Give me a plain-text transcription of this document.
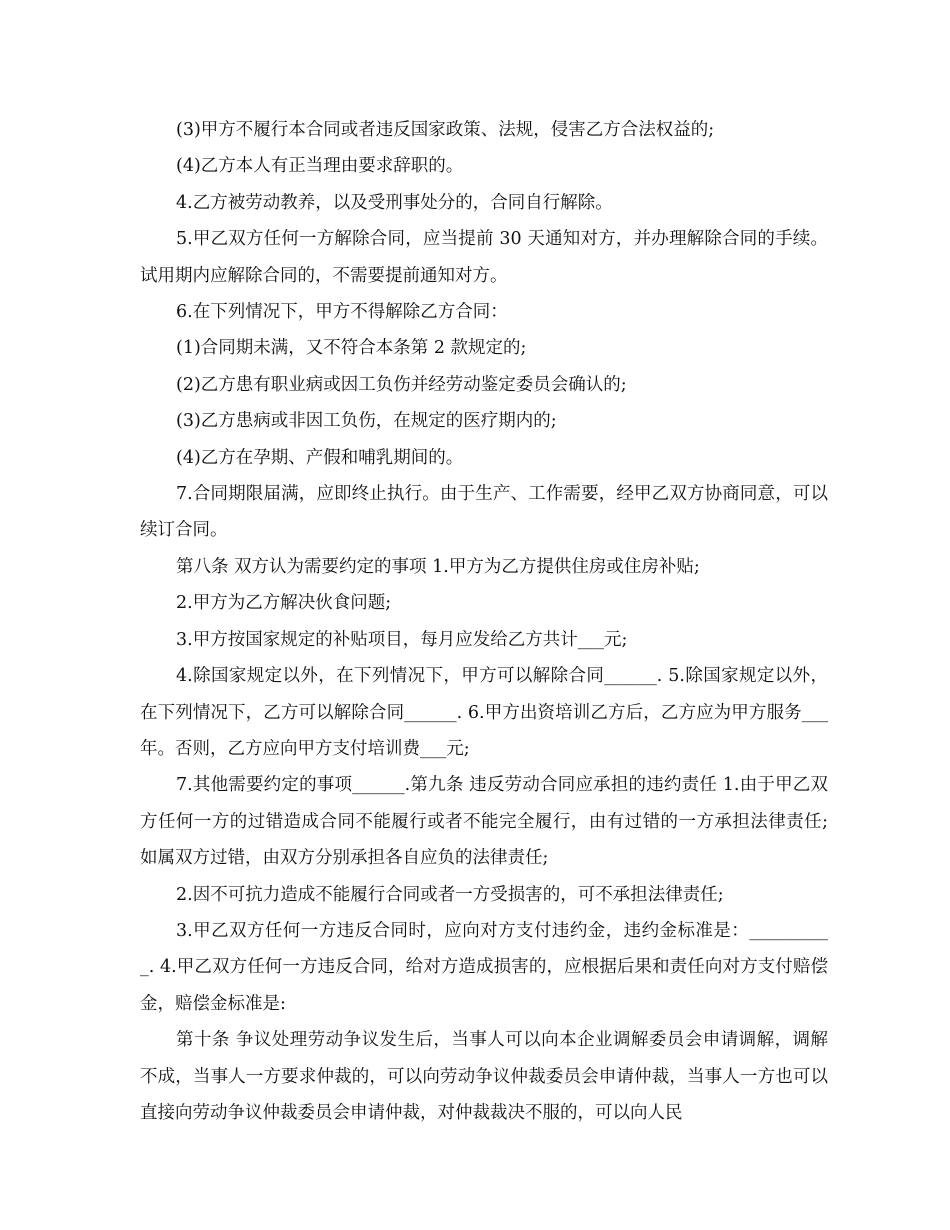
(3)甲方不履行本合同或者违反国家政策、法规，侵害乙方合法权益的;

(4)乙方本人有正当理由要求辞职的。

4.乙方被劳动教养，以及受刑事处分的，合同自行解除。

5.甲乙双方任何一方解除合同，应当提前 30 天通知对方，并办理解除合同的手续。试用期内应解除合同的，不需要提前通知对方。

6.在下列情况下，甲方不得解除乙方合同：

(1)合同期未满，又不符合本条第 2 款规定的;

(2)乙方患有职业病或因工负伤并经劳动鉴定委员会确认的;

(3)乙方患病或非因工负伤，在规定的医疗期内的;

(4)乙方在孕期、产假和哺乳期间的。

7.合同期限届满，应即终止执行。由于生产、工作需要，经甲乙双方协商同意，可以续订合同。

第八条 双方认为需要约定的事项 1.甲方为乙方提供住房或住房补贴;

2.甲方为乙方解决伙食问题;

3.甲方按国家规定的补贴项目，每月应发给乙方共计___元;

4.除国家规定以外，在下列情况下，甲方可以解除合同______. 5.除国家规定以外，在下列情况下，乙方可以解除合同______. 6.甲方出资培训乙方后，乙方应为甲方服务___年。否则，乙方应向甲方支付培训费___元;

7.其他需要约定的事项______.第九条 违反劳动合同应承担的违约责任 1.由于甲乙双方任何一方的过错造成合同不能履行或者不能完全履行，由有过错的一方承担法律责任;如属双方过错，由双方分别承担各自应负的法律责任;

2.因不可抗力造成不能履行合同或者一方受损害的，可不承担法律责任;

3.甲乙双方任何一方违反合同时，应向对方支付违约金，违约金标准是：__________. 4.甲乙双方任何一方违反合同，给对方造成损害的，应根据后果和责任向对方支付赔偿金，赔偿金标准是:

第十条 争议处理劳动争议发生后，当事人可以向本企业调解委员会申请调解，调解不成，当事人一方要求仲裁的，可以向劳动争议仲裁委员会申请仲裁，当事人一方也可以直接向劳动争议仲裁委员会申请仲裁，对仲裁裁决不服的，可以向人民
